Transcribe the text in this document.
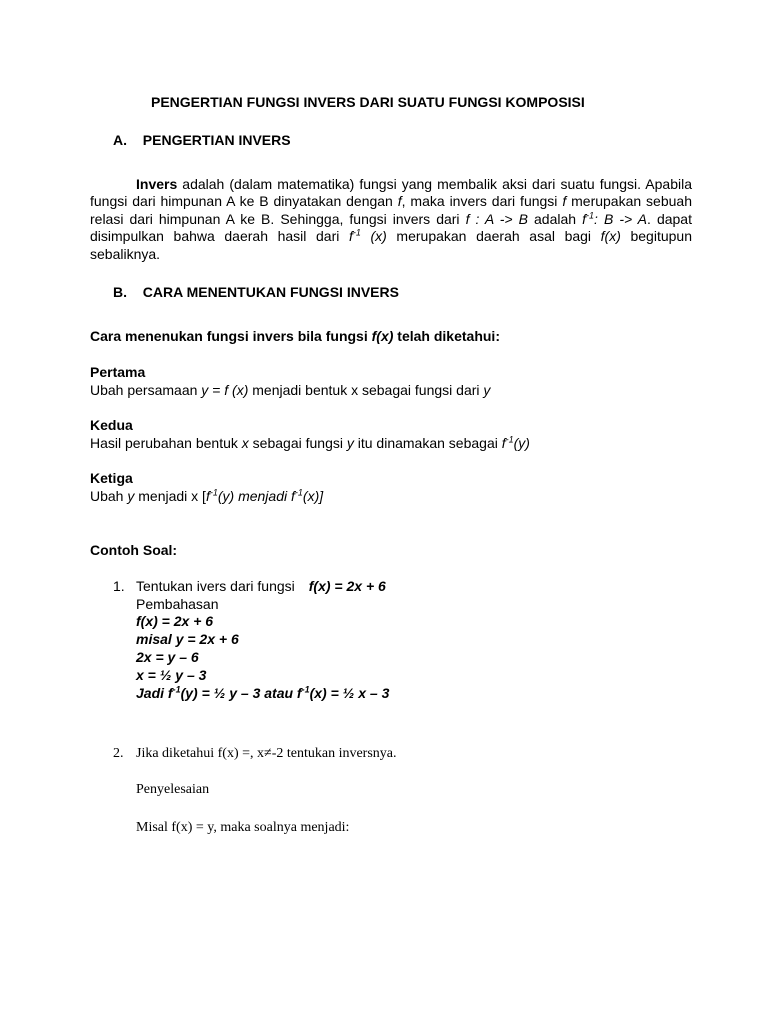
PENGERTIAN FUNGSI INVERS DARI SUATU FUNGSI KOMPOSISI
A. PENGERTIAN INVERS
Invers adalah (dalam matematika) fungsi yang membalik aksi dari suatu fungsi. Apabila fungsi dari himpunan A ke B dinyatakan dengan f, maka invers dari fungsi f merupakan sebuah relasi dari himpunan A ke B. Sehingga, fungsi invers dari f : A -> B adalah $f^{-1}$: B -> A. dapat disimpulkan bahwa daerah hasil dari $f^{-1}$ (x) merupakan daerah asal bagi f(x) begitupun sebaliknya.
B. CARA MENENTUKAN FUNGSI INVERS
Cara menenukan fungsi invers bila fungsi f(x) telah diketahui:
Pertama
Ubah persamaan y = f (x) menjadi bentuk x sebagai fungsi dari y
Kedua
Hasil perubahan bentuk x sebagai fungsi y itu dinamakan sebagai $f^{-1}(y)$
Ketiga
Ubah y menjadi x [$f^{-1}(y)$ menjadi $f^{-1}(x)$]
Contoh Soal:
1. Tentukan ivers dari fungsi f(x) = 2x + 6
Pembahasan
f(x) = 2x + 6
misal y = 2x + 6
2x = y – 6
x = ½ y – 3
Jadi $f^{-1}(y)$ = ½ y – 3 atau $f^{-1}(x)$ = ½ x – 3
2. Jika diketahui f(x) =, x≠-2 tentukan inversnya.
Penyelesaian
Misal f(x) = y, maka soalnya menjadi:
